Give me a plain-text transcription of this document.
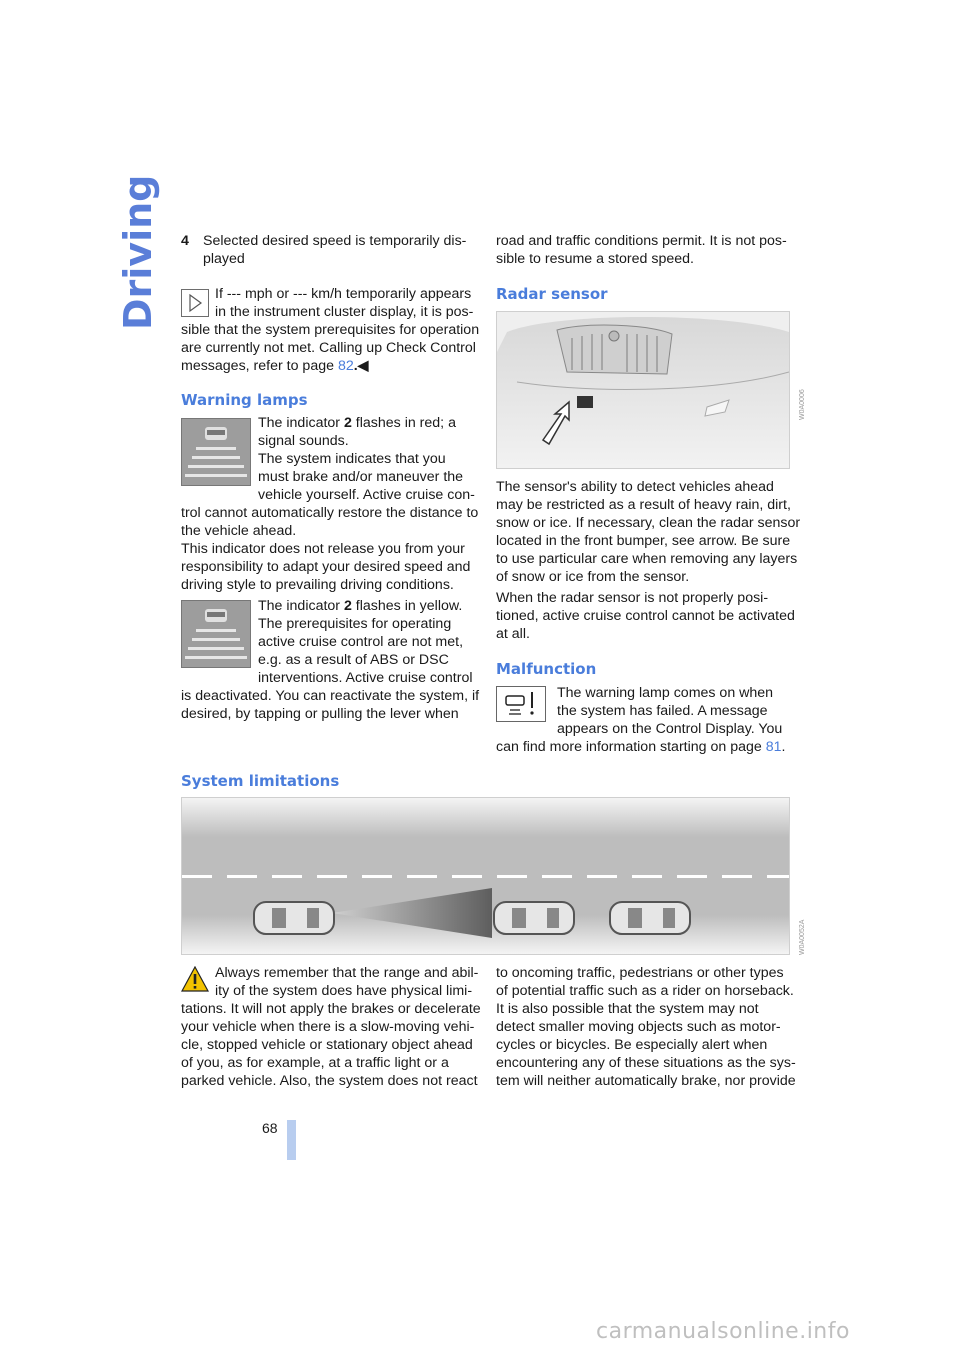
Driving 4 Selected desired speed is temporarily dis-
played
If --- mph or --- km/h temporarily appears
in the instrument cluster display, it is pos-
sible that the system prerequisites for operation
are currently not met. Calling up Check Control
messages, refer to page 82.◀
Warning lamps
The indicator 2 flashes in red; a
signal sounds.
The system indicates that you
must brake and/or maneuver the
vehicle yourself. Active cruise con-
trol cannot automatically restore the distance to
the vehicle ahead.
This indicator does not release you from your
responsibility to adapt your desired speed and
driving style to prevailing driving conditions.
The indicator 2 flashes in yellow.
The prerequisites for operating
active cruise control are not met,
e.g. as a result of ABS or DSC
interventions. Active cruise control
is deactivated. You can reactivate the system, if
desired, by tapping or pulling the lever when
road and traffic conditions permit. It is not pos-
sible to resume a stored speed.
Radar sensor
W0A0006
The sensor's ability to detect vehicles ahead
may be restricted as a result of heavy rain, dirt,
snow or ice. If necessary, clean the radar sensor
located in the front bumper, see arrow. Be sure
to use particular care when removing any layers
of snow or ice from the sensor.
When the radar sensor is not properly posi-
tioned, active cruise control cannot be activated
at all.
Malfunction
The warning lamp comes on when
the system has failed. A message
appears on the Control Display. You
can find more information starting on page 81.
System limitations
W0A0052A
Always remember that the range and abil-
ity of the system does have physical limi-
tations. It will not apply the brakes or decelerate
your vehicle when there is a slow-moving vehi-
cle, stopped vehicle or stationary object ahead
of you, as for example, at a traffic light or a
parked vehicle. Also, the system does not react
to oncoming traffic, pedestrians or other types
of potential traffic such as a rider on horseback.
It is also possible that the system may not
detect smaller moving objects such as motor-
cycles or bicycles. Be especially alert when
encountering any of these situations as the sys-
tem will neither automatically brake, nor provide
68
carmanualsonline.info
